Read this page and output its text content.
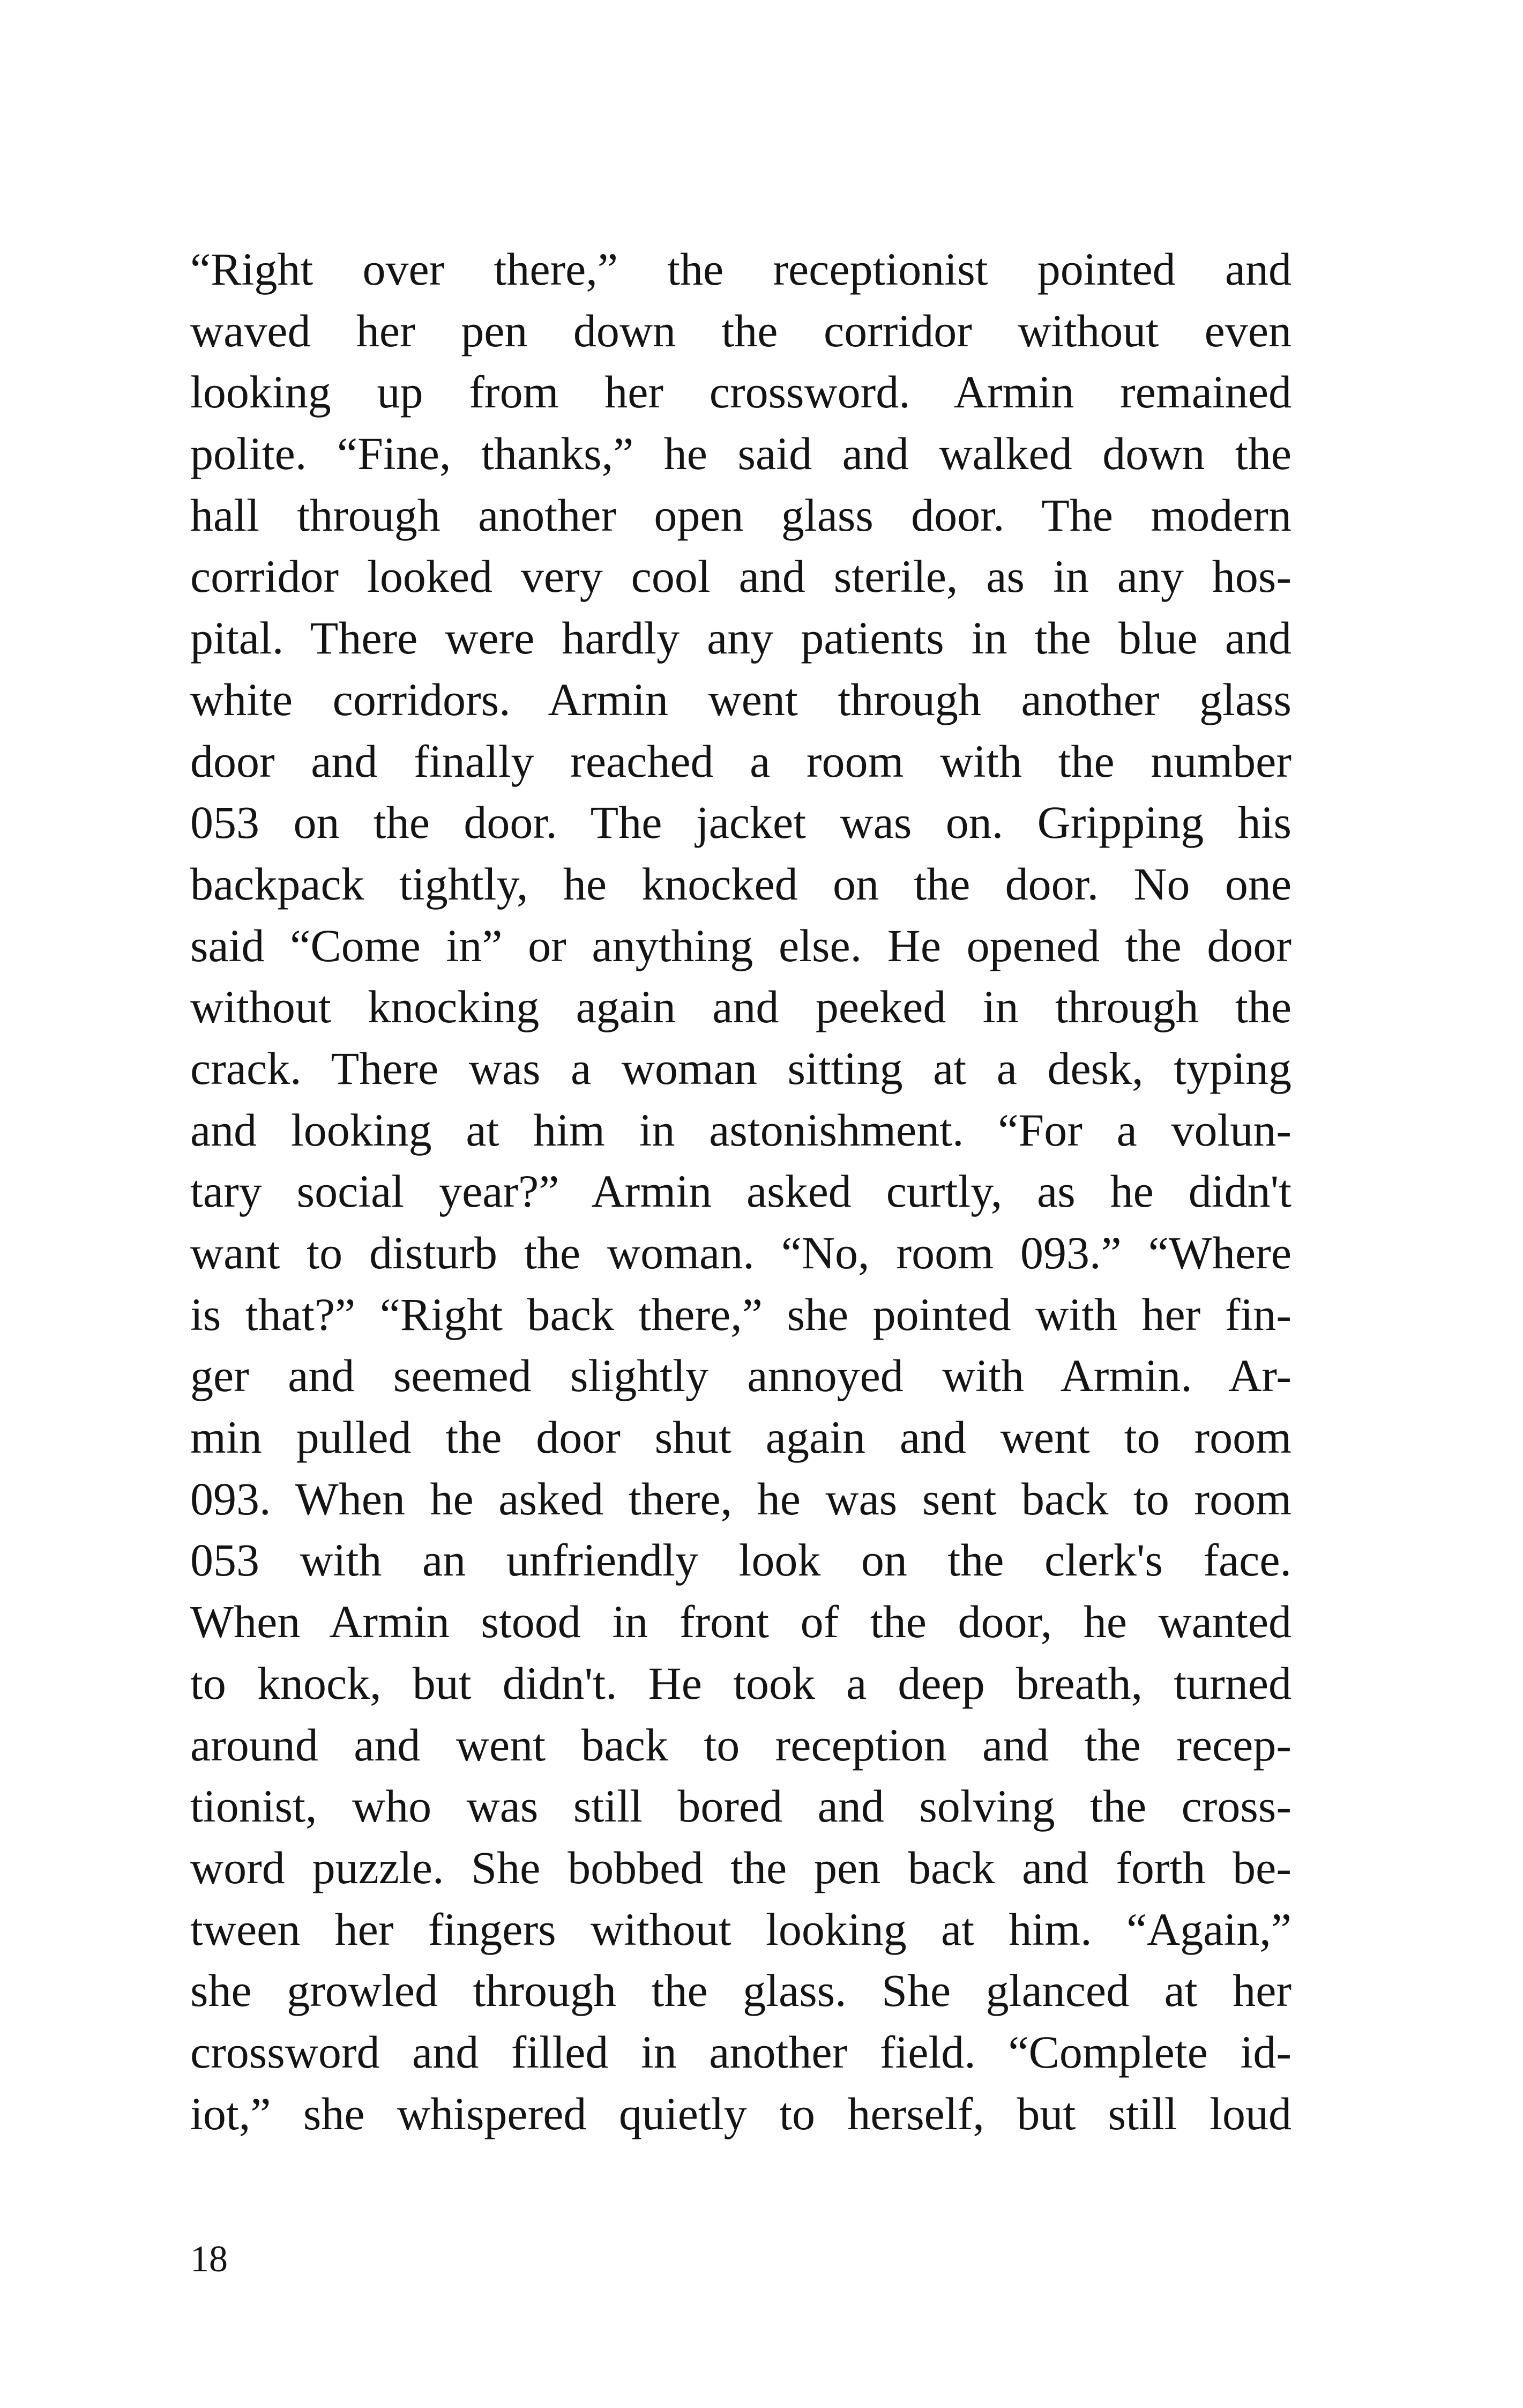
“Right over there,” the receptionist pointed and
waved her pen down the corridor without even
looking up from her crossword. Armin remained
polite. “Fine, thanks,” he said and walked down the
hall through another open glass door. The modern
corridor looked very cool and sterile, as in any hos-
pital. There were hardly any patients in the blue and
white corridors. Armin went through another glass
door and finally reached a room with the number
053 on the door. The jacket was on. Gripping his
backpack tightly, he knocked on the door. No one
said “Come in” or anything else. He opened the door
without knocking again and peeked in through the
crack. There was a woman sitting at a desk, typing
and looking at him in astonishment. “For a volun-
tary social year?” Armin asked curtly, as he didn't
want to disturb the woman. “No, room 093.” “Where
is that?” “Right back there,” she pointed with her fin-
ger and seemed slightly annoyed with Armin. Ar-
min pulled the door shut again and went to room
093. When he asked there, he was sent back to room
053 with an unfriendly look on the clerk's face.
When Armin stood in front of the door, he wanted
to knock, but didn't. He took a deep breath, turned
around and went back to reception and the recep-
tionist, who was still bored and solving the cross-
word puzzle. She bobbed the pen back and forth be-
tween her fingers without looking at him. “Again,”
she growled through the glass. She glanced at her
crossword and filled in another field. “Complete id-
iot,” she whispered quietly to herself, but still loud
18
